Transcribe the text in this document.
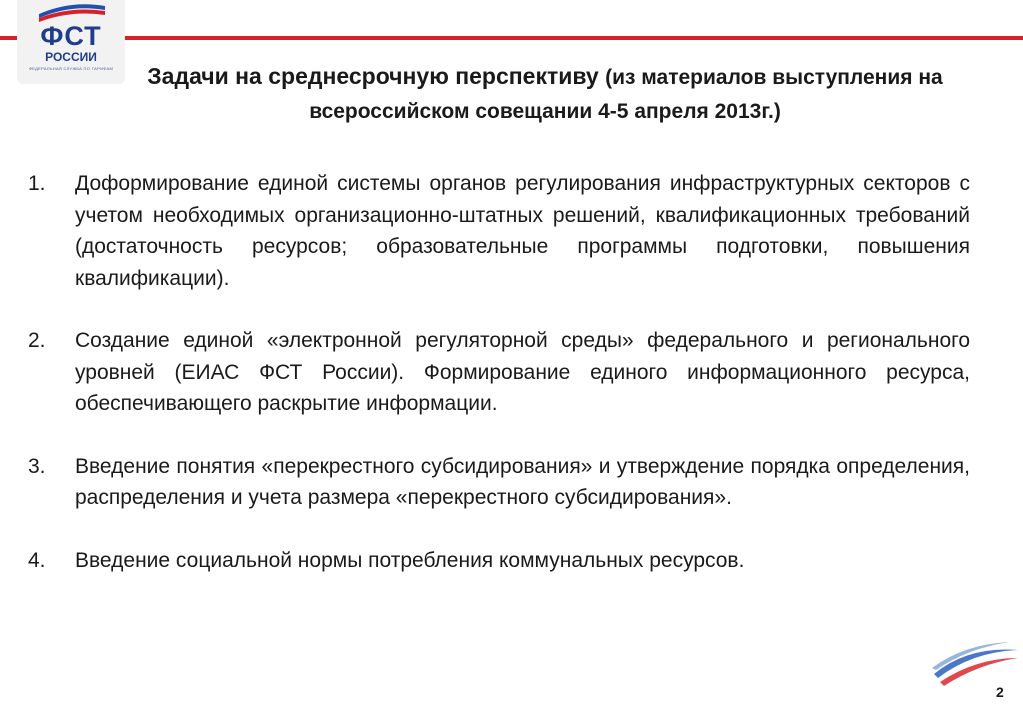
ФСТ
РОССИИ
ФЕДЕРАЛЬНАЯ СЛУЖБА ПО ТАРИФАМ	Задачи на среднесрочную перспективу (из материалов выступления на всероссийском совещании 4-5 апреля 2013г.)
1. Доформирование единой системы органов регулирования инфраструктурных секторов с учетом необходимых организационно-штатных решений, квалификационных требований (достаточность ресурсов; образовательные программы подготовки, повышения квалификации).
2. Создание единой «электронной регуляторной среды» федерального и регионального уровней (ЕИАС ФСТ России). Формирование единого информационного ресурса, обеспечивающего раскрытие информации.
3. Введение понятия «перекрестного субсидирования» и утверждение порядка определения, распределения и учета размера «перекрестного субсидирования».
4. Введение социальной нормы потребления коммунальных ресурсов.
2
